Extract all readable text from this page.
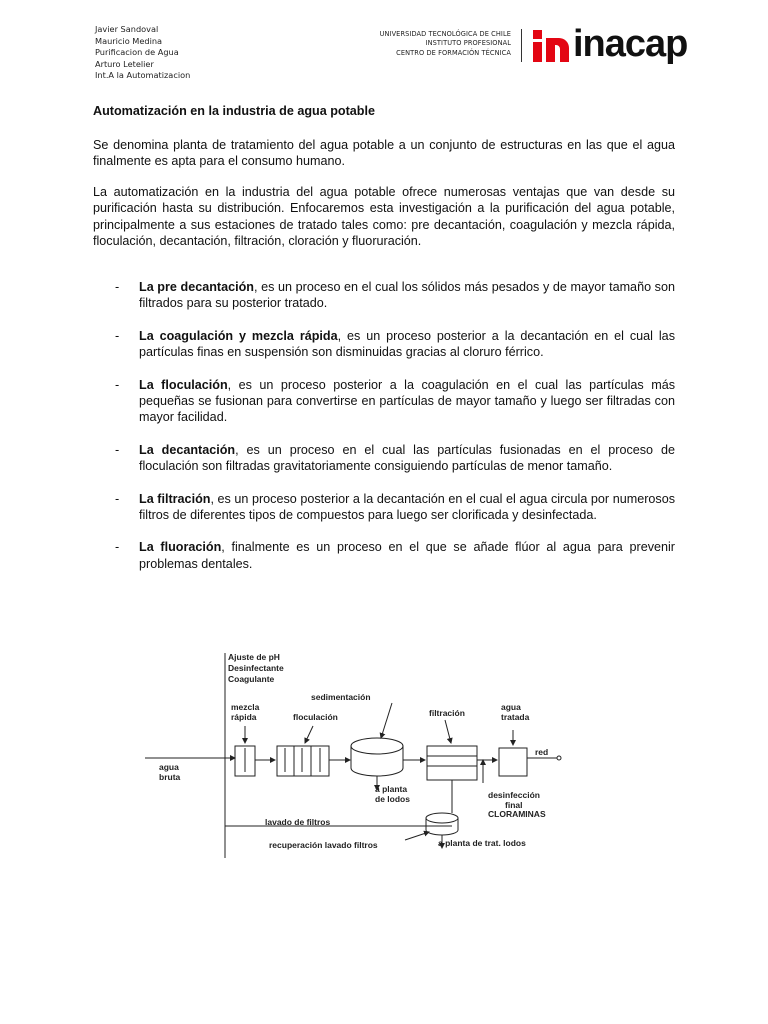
Javier Sandoval
Mauricio Medina
Purificacion de Agua
Arturo Letelier
Int.A la Automatizacion
UNIVERSIDAD TECNOLÓGICA DE CHILE
INSTITUTO PROFESIONAL
CENTRO DE FORMACIÓN TÉCNICA inacap
Automatización en la industria de agua potable
Se denomina planta de tratamiento del agua potable a un conjunto de estructuras en las que el agua finalmente es apta para el consumo humano.
La automatización en la industria del agua potable ofrece numerosas ventajas que van desde su purificación hasta su distribución. Enfocaremos esta investigación a la purificación del agua potable, principalmente a sus estaciones de tratado tales como: pre decantación, coagulación y mezcla rápida, floculación, decantación, filtración, cloración y fluoruración.
- La pre decantación, es un proceso en el cual los sólidos más pesados y de mayor tamaño son filtrados para su posterior tratado.
- La coagulación y mezcla rápida, es un proceso posterior a la decantación en el cual las partículas finas en suspensión son disminuidas gracias al cloruro férrico.
- La floculación, es un proceso posterior a la coagulación en el cual las partículas más pequeñas se fusionan para convertirse en partículas de mayor tamaño y luego ser filtradas con mayor facilidad.
- La decantación, es un proceso en el cual las partículas fusionadas en el proceso de floculación son filtradas gravitatoriamente consiguiendo partículas de menor tamaño.
- La filtración, es un proceso posterior a la decantación en el cual el agua circula por numerosos filtros de diferentes tipos de compuestos para luego ser clorificada y desinfectada.
- La fluoración, finalmente es un proceso en el que se añade flúor al agua para prevenir problemas dentales.
Ajuste de pH
Desinfectante
Coagulante
sedimentación
mezcla
rápida	floculación	filtración
agua
tratada
red
agua
bruta
a planta
de lodos	desinfección
final
CLORAMINAS
lavado de filtros
recuperación lavado filtros	a planta de trat. lodos
